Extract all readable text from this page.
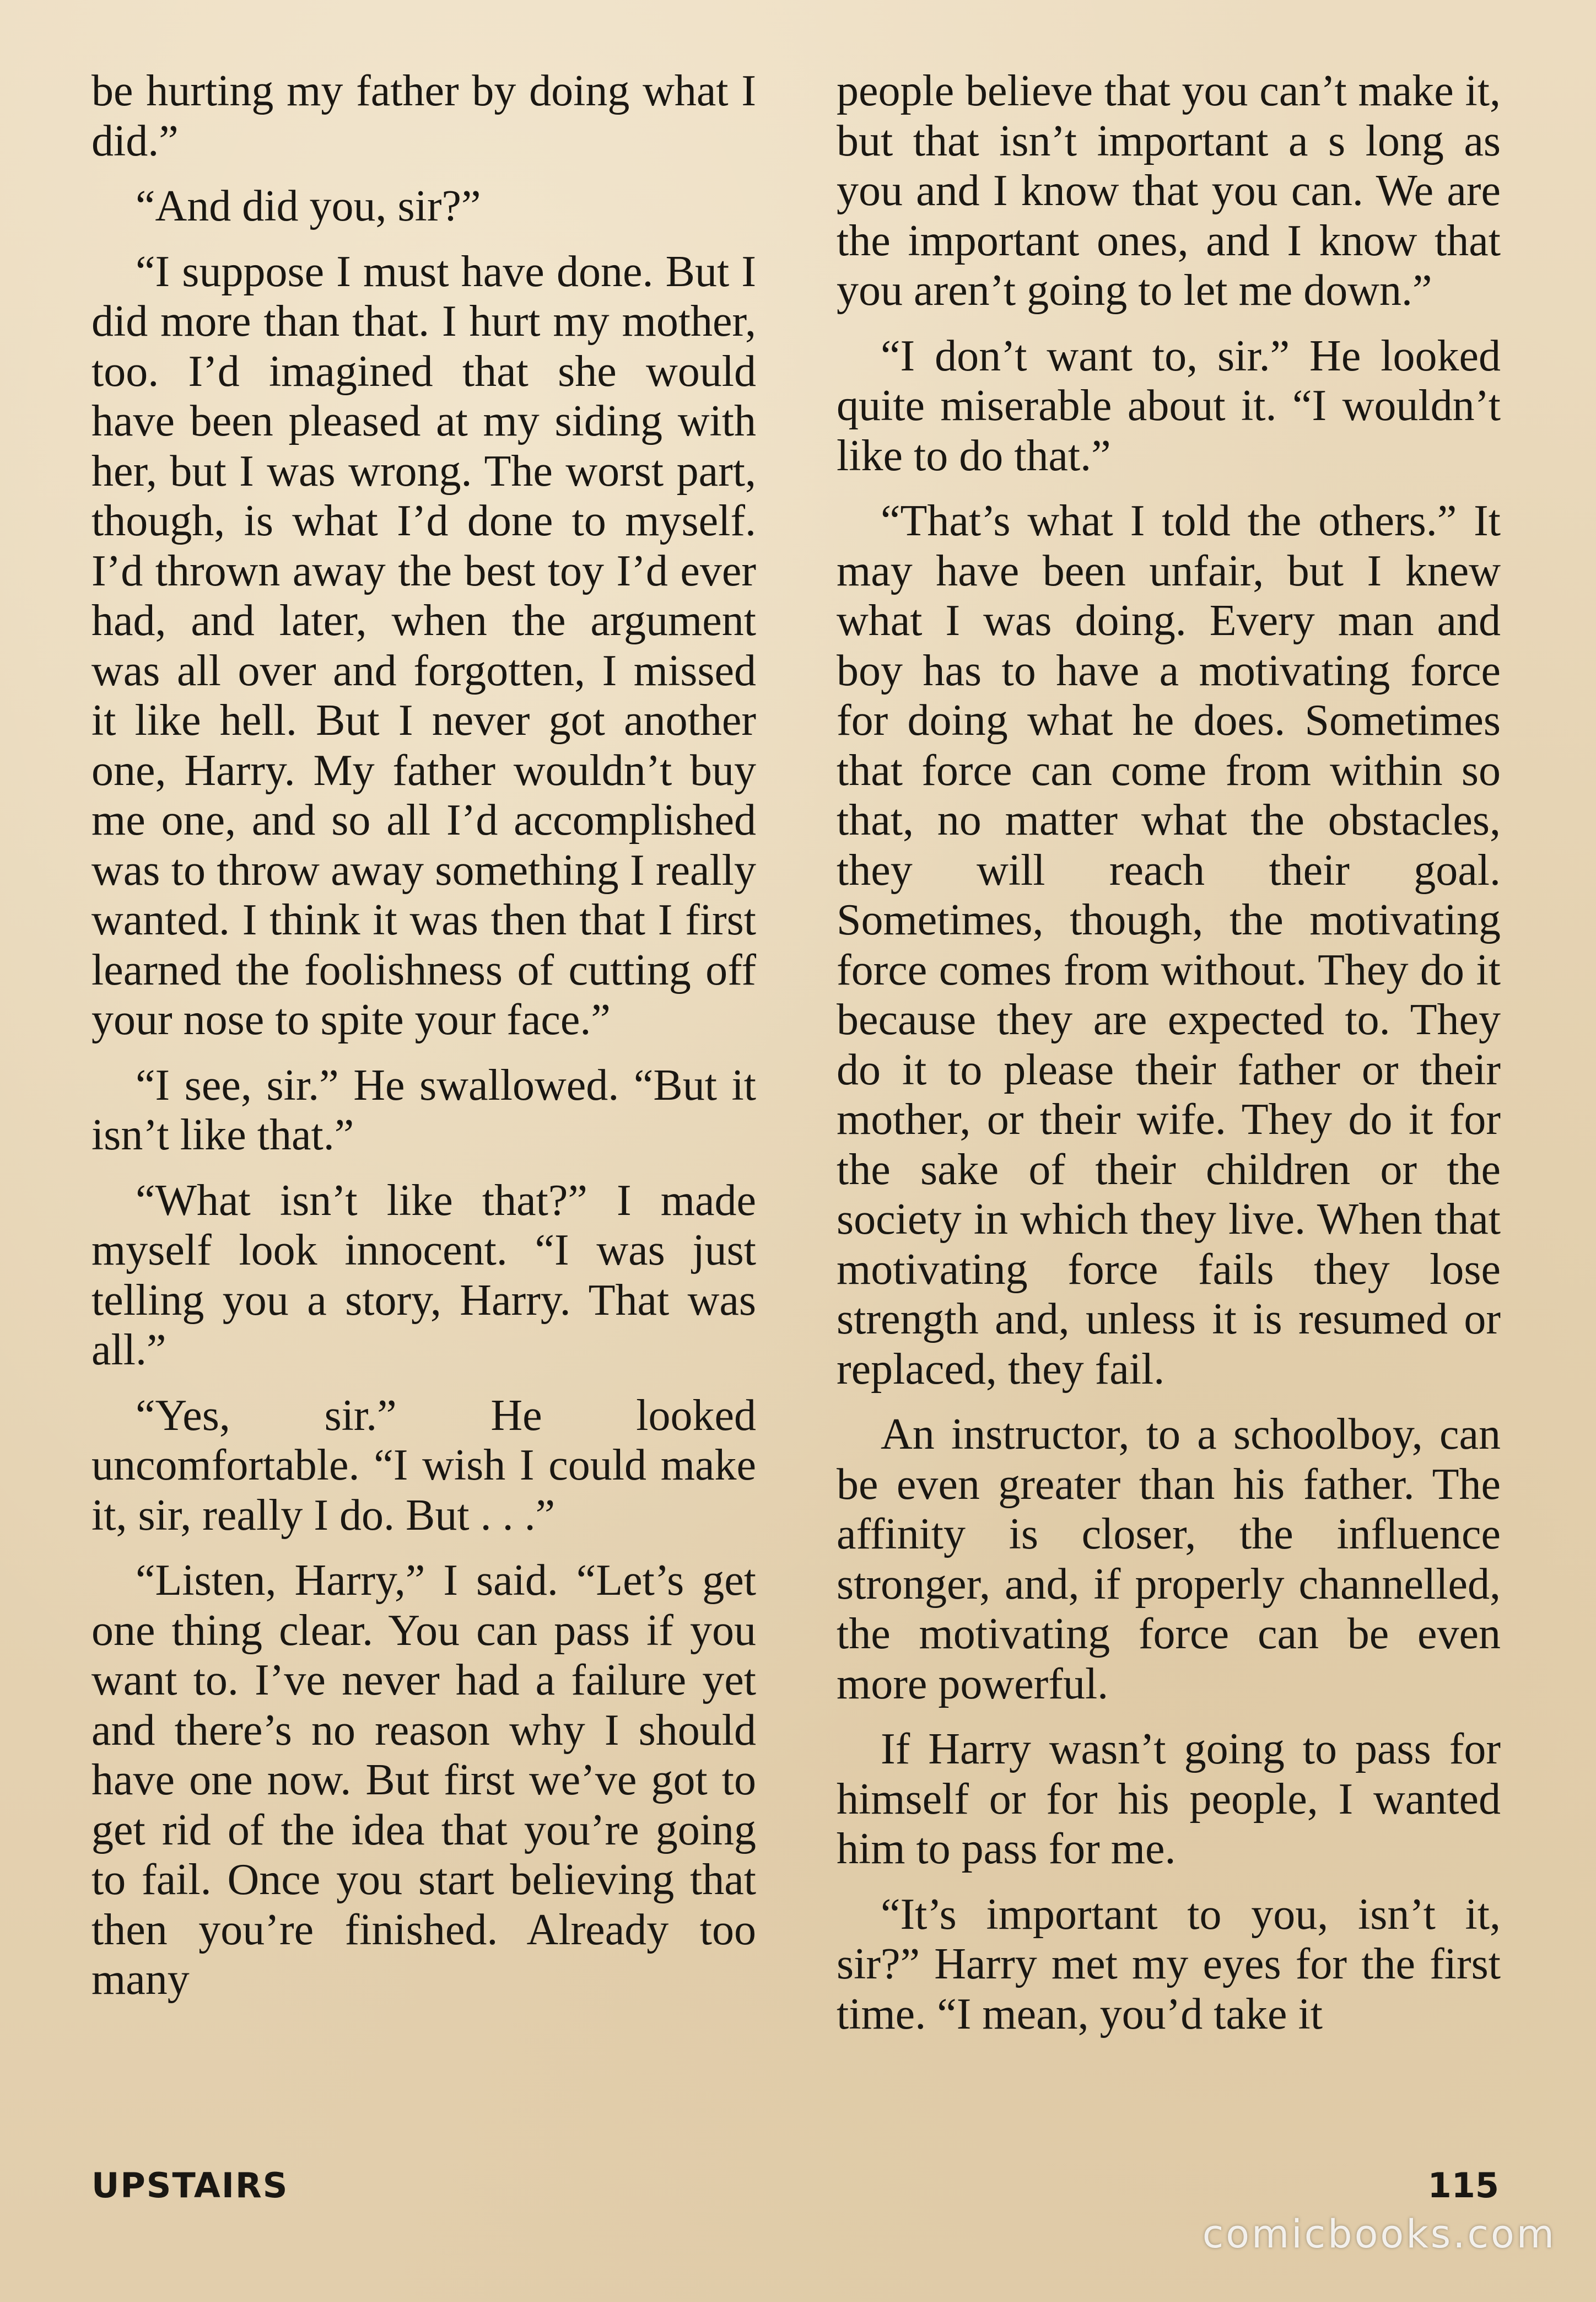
be hurting my father by doing what I did.”

“And did you, sir?”

“I suppose I must have done. But I did more than that. I hurt my mother, too. I’d imagined that she would have been pleased at my siding with her, but I was wrong. The worst part, though, is what I’d done to myself. I’d thrown away the best toy I’d ever had, and later, when the argument was all over and forgotten, I missed it like hell. But I never got another one, Harry. My father wouldn’t buy me one, and so all I’d accomplished was to throw away something I really wanted. I think it was then that I first learned the foolishness of cutting off your nose to spite your face.”

“I see, sir.” He swallowed. “But it isn’t like that.”

“What isn’t like that?” I made myself look innocent. “I was just telling you a story, Harry. That was all.”

“Yes, sir.” He looked uncomfortable. “I wish I could make it, sir, really I do. But . . .”

“Listen, Harry,” I said. “Let’s get one thing clear. You can pass if you want to. I’ve never had a failure yet and there’s no reason why I should have one now. But first we’ve got to get rid of the idea that you’re going to fail. Once you start believing that then you’re finished. Already too many

people believe that you can’t make it, but that isn’t important a s long as you and I know that you can. We are the important ones, and I know that you aren’t going to let me down.”

“I don’t want to, sir.” He looked quite miserable about it. “I wouldn’t like to do that.”

“That’s what I told the others.” It may have been unfair, but I knew what I was doing. Every man and boy has to have a motivating force for doing what he does. Sometimes that force can come from within so that, no matter what the obstacles, they will reach their goal. Sometimes, though, the motivating force comes from without. They do it because they are expected to. They do it to please their father or their mother, or their wife. They do it for the sake of their children or the society in which they live. When that motivating force fails they lose strength and, unless it is resumed or replaced, they fail.

An instructor, to a schoolboy, can be even greater than his father. The affinity is closer, the influence stronger, and, if properly channelled, the motivating force can be even more powerful.

If Harry wasn’t going to pass for himself or for his people, I wanted him to pass for me.

“It’s important to you, isn’t it, sir?” Harry met my eyes for the first time. “I mean, you’d take it

UPSTAIRS	115
comicbooks.com
